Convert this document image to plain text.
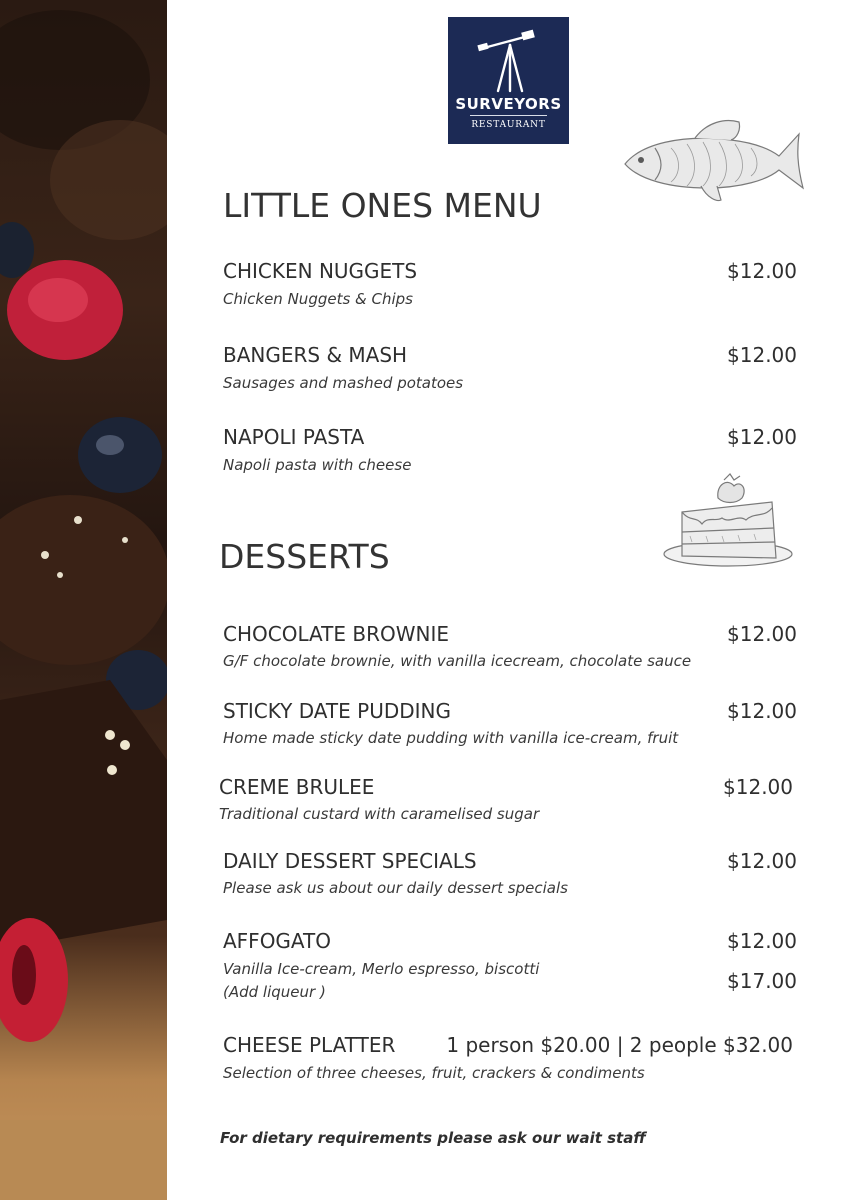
SURVEYORS
RESTAURANT
LITTLE ONES MENU
CHICKEN NUGGETS	$12.00
Chicken Nuggets & Chips
BANGERS & MASH	$12.00
Sausages and mashed potatoes
NAPOLI PASTA	$12.00
Napoli pasta with cheese
DESSERTS
CHOCOLATE BROWNIE	$12.00
G/F chocolate brownie, with vanilla icecream, chocolate sauce
STICKY DATE PUDDING	$12.00
Home made sticky date pudding with vanilla ice-cream, fruit
CREME BRULEE	$12.00
Traditional custard with caramelised sugar
DAILY DESSERT SPECIALS	$12.00
Please ask us about our daily dessert specials
AFFOGATO	$12.00
$17.00
Vanilla Ice-cream, Merlo espresso, biscotti
(Add liqueur )
CHEESE PLATTER	1 person $20.00 | 2 people $32.00
Selection of three cheeses, fruit, crackers & condiments
For dietary requirements please ask our wait staff
